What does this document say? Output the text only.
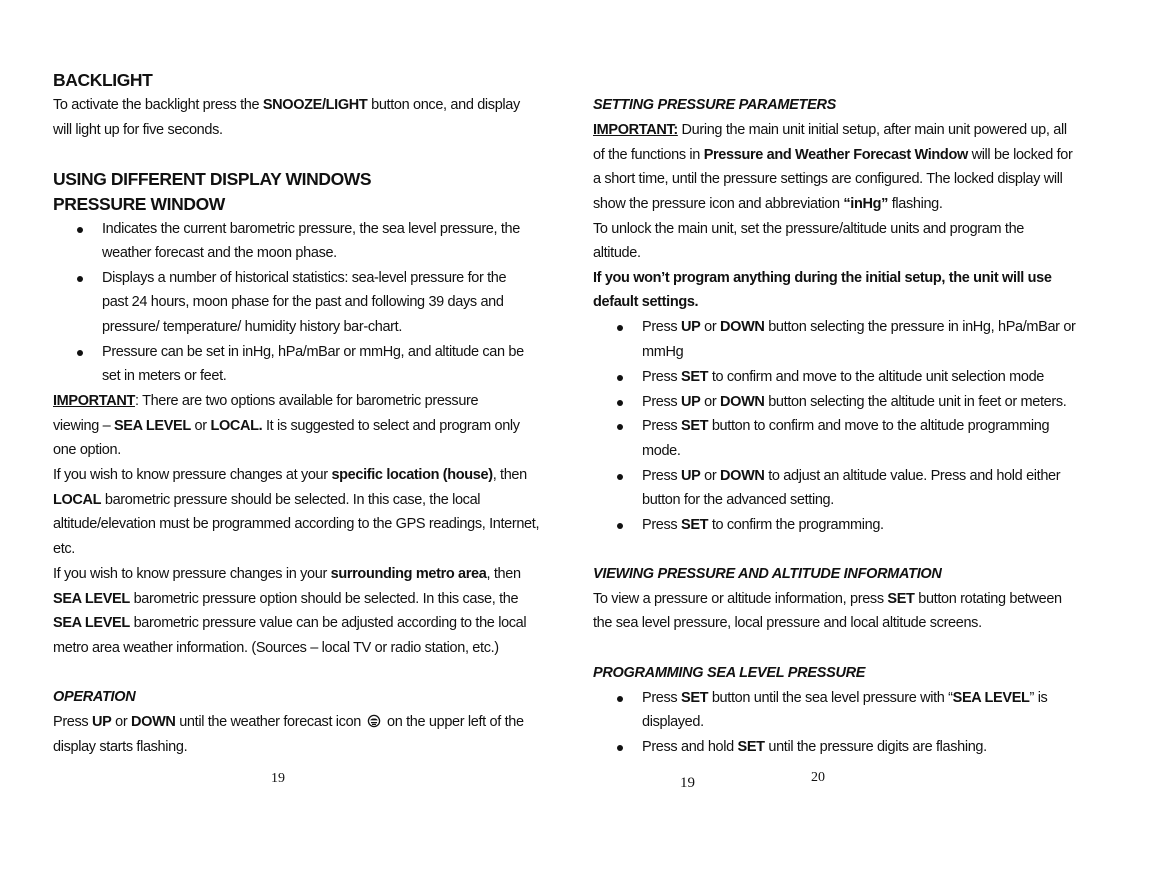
BACKLIGHT
To activate the backlight press the SNOOZE/LIGHT button once, and display
will light up for five seconds.
USING DIFFERENT DISPLAY WINDOWS
PRESSURE WINDOW
Indicates the current barometric pressure, the sea level pressure, the
weather forecast and the moon phase.
Displays a number of historical statistics: sea-level pressure for the
past 24 hours, moon phase for the past and following 39 days and
pressure/ temperature/ humidity history bar-chart.
Pressure can be set in inHg, hPa/mBar or mmHg, and altitude can be
set in meters or feet.
IMPORTANT: There are two options available for barometric pressure
viewing – SEA LEVEL or LOCAL. It is suggested to select and program only
one option.
If you wish to know pressure changes at your specific location (house), then
LOCAL barometric pressure should be selected. In this case, the local
altitude/elevation must be programmed according to the GPS readings, Internet,
etc.
If you wish to know pressure changes in your surrounding metro area, then
SEA LEVEL barometric pressure option should be selected. In this case, the
SEA LEVEL barometric pressure value can be adjusted according to the local
metro area weather information. (Sources – local TV or radio station, etc.)
OPERATION
Press UP or DOWN until the weather forecast icon on the upper left of the
display starts flashing.
19
SETTING PRESSURE PARAMETERS
IMPORTANT: During the main unit initial setup, after main unit powered up, all
of the functions in Pressure and Weather Forecast Window will be locked for
a short time, until the pressure settings are configured. The locked display will
show the pressure icon and abbreviation “inHg” flashing.
To unlock the main unit, set the pressure/altitude units and program the
altitude.
If you won’t program anything during the initial setup, the unit will use
default settings.
Press UP or DOWN button selecting the pressure in inHg, hPa/mBar or
mmHg
Press SET to confirm and move to the altitude unit selection mode
Press UP or DOWN button selecting the altitude unit in feet or meters.
Press SET button to confirm and move to the altitude programming
mode.
Press UP or DOWN to adjust an altitude value. Press and hold either
button for the advanced setting.
Press SET to confirm the programming.
VIEWING PRESSURE AND ALTITUDE INFORMATION
To view a pressure or altitude information, press SET button rotating between
the sea level pressure, local pressure and local altitude screens.
PROGRAMMING SEA LEVEL PRESSURE
Press SET button until the sea level pressure with “SEA LEVEL” is
displayed.
Press and hold SET until the pressure digits are flashing.
19	20
